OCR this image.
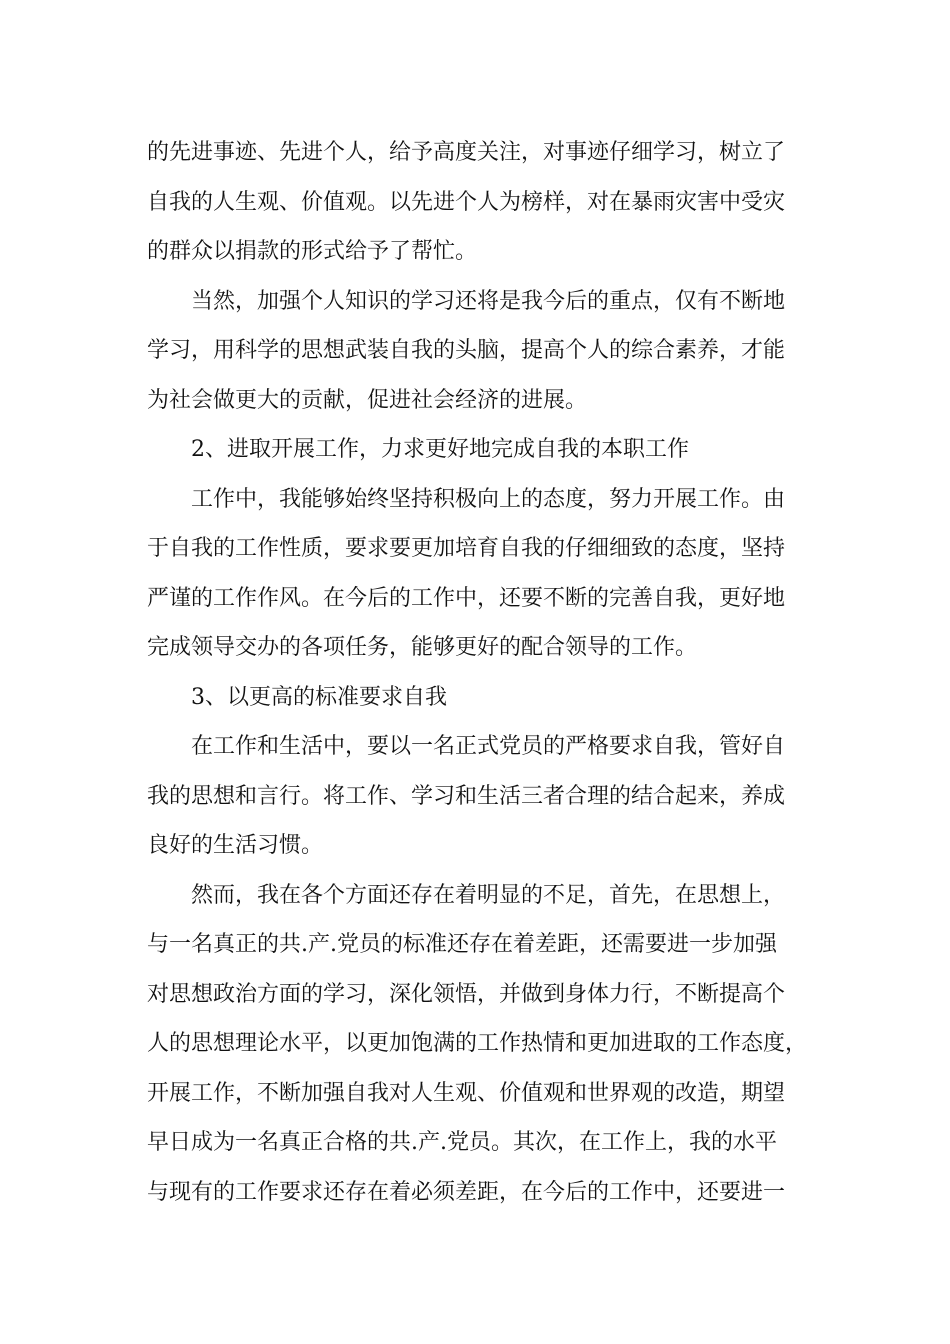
的先进事迹、先进个人，给予高度关注，对事迹仔细学习，树立了
自我的人生观、价值观。以先进个人为榜样，对在暴雨灾害中受灾
的群众以捐款的形式给予了帮忙。
当然，加强个人知识的学习还将是我今后的重点，仅有不断地
学习，用科学的思想武装自我的头脑，提高个人的综合素养，才能
为社会做更大的贡献，促进社会经济的进展。
2、进取开展工作，力求更好地完成自我的本职工作
工作中，我能够始终坚持积极向上的态度，努力开展工作。由
于自我的工作性质，要求要更加培育自我的仔细细致的态度，坚持
严谨的工作作风。在今后的工作中，还要不断的完善自我，更好地
完成领导交办的各项任务，能够更好的配合领导的工作。
3、以更高的标准要求自我
在工作和生活中，要以一名正式党员的严格要求自我，管好自
我的思想和言行。将工作、学习和生活三者合理的结合起来，养成
良好的生活习惯。
然而，我在各个方面还存在着明显的不足，首先，在思想上，
与一名真正的共.产.党员的标准还存在着差距，还需要进一步加强
对思想政治方面的学习，深化领悟，并做到身体力行，不断提高个
人的思想理论水平，以更加饱满的工作热情和更加进取的工作态度，
开展工作，不断加强自我对人生观、价值观和世界观的改造，期望
早日成为一名真正合格的共.产.党员。其次，在工作上，我的水平
与现有的工作要求还存在着必须差距，在今后的工作中，还要进一
